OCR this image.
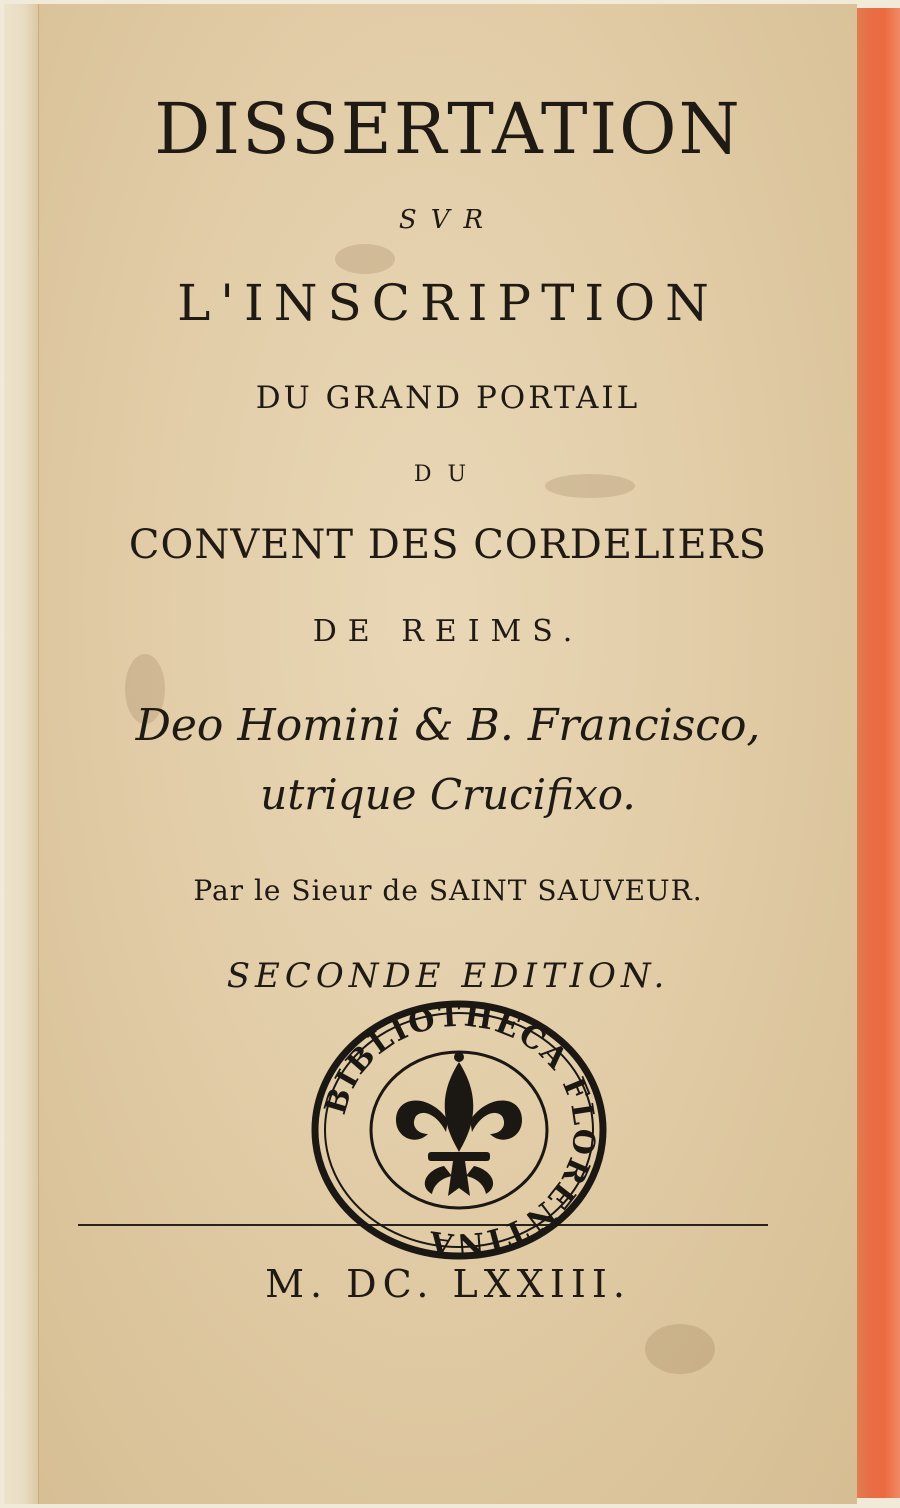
DISSERTATION
SVR
L'INSCRIPTION
DU GRAND PORTAIL
DU
CONVENT DES CORDELIERS
DE REIMS.
Deo Homini & B. Francisco,
utrique Crucifixo.
Par le Sieur de SAINT SAUVEUR.
SECONDE EDITION.
BIBLIOTHECA FLORENTINA
M. DC. LXXIII.
